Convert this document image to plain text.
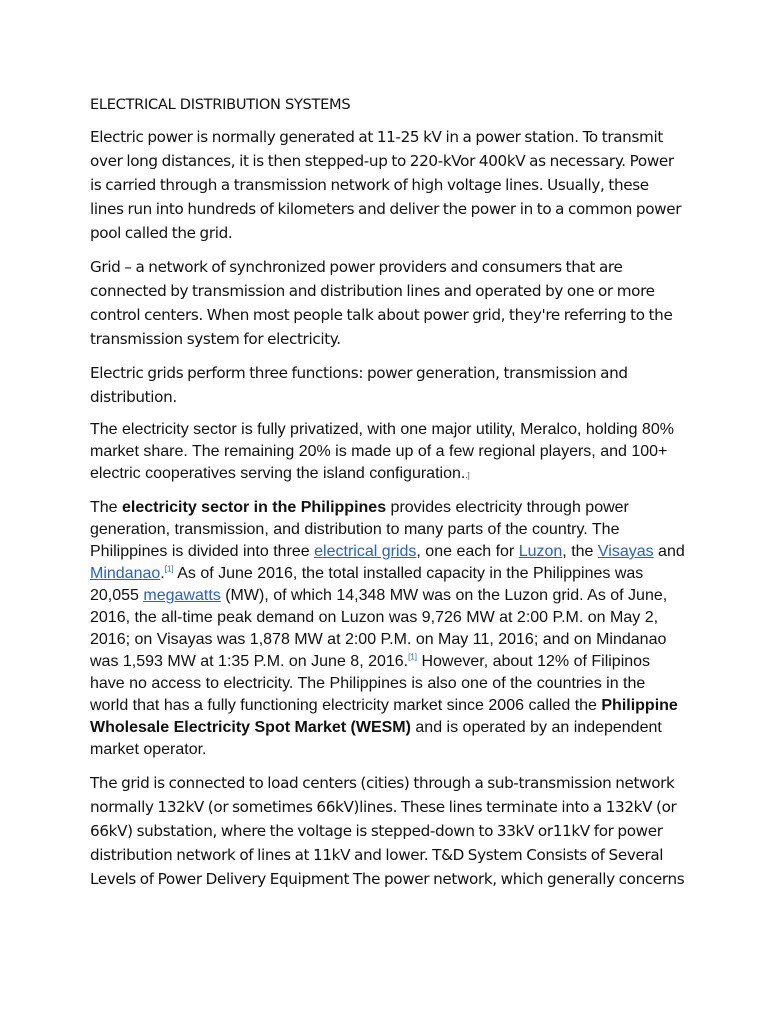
ELECTRICAL DISTRIBUTION SYSTEMS

Electric power is normally generated at 11-25 kV in a power station. To transmit over long distances, it is then stepped-up to 220-kVor 400kV as necessary. Power is carried through a transmission network of high voltage lines. Usually, these lines run into hundreds of kilometers and deliver the power in to a common power pool called the grid.

Grid – a network of synchronized power providers and consumers that are connected by transmission and distribution lines and operated by one or more control centers. When most people talk about power grid, they're referring to the transmission system for electricity.

Electric grids perform three functions: power generation, transmission and distribution.

The electricity sector is fully privatized, with one major utility, Meralco, holding 80% market share. The remaining 20% is made up of a few regional players, and 100+ electric cooperatives serving the island configuration..]

The electricity sector in the Philippines provides electricity through power generation, transmission, and distribution to many parts of the country. The Philippines is divided into three electrical grids, one each for Luzon, the Visayas and Mindanao.[1] As of June 2016, the total installed capacity in the Philippines was 20,055 megawatts (MW), of which 14,348 MW was on the Luzon grid. As of June, 2016, the all-time peak demand on Luzon was 9,726 MW at 2:00 P.M. on May 2, 2016; on Visayas was 1,878 MW at 2:00 P.M. on May 11, 2016; and on Mindanao was 1,593 MW at 1:35 P.M. on June 8, 2016.[1] However, about 12% of Filipinos have no access to electricity. The Philippines is also one of the countries in the world that has a fully functioning electricity market since 2006 called the Philippine Wholesale Electricity Spot Market (WESM) and is operated by an independent market operator.

The grid is connected to load centers (cities) through a sub-transmission network normally 132kV (or sometimes 66kV)lines. These lines terminate into a 132kV (or 66kV) substation, where the voltage is stepped-down to 33kV or11kV for power distribution network of lines at 11kV and lower. T&D System Consists of Several Levels of Power Delivery Equipment The power network, which generally concerns
